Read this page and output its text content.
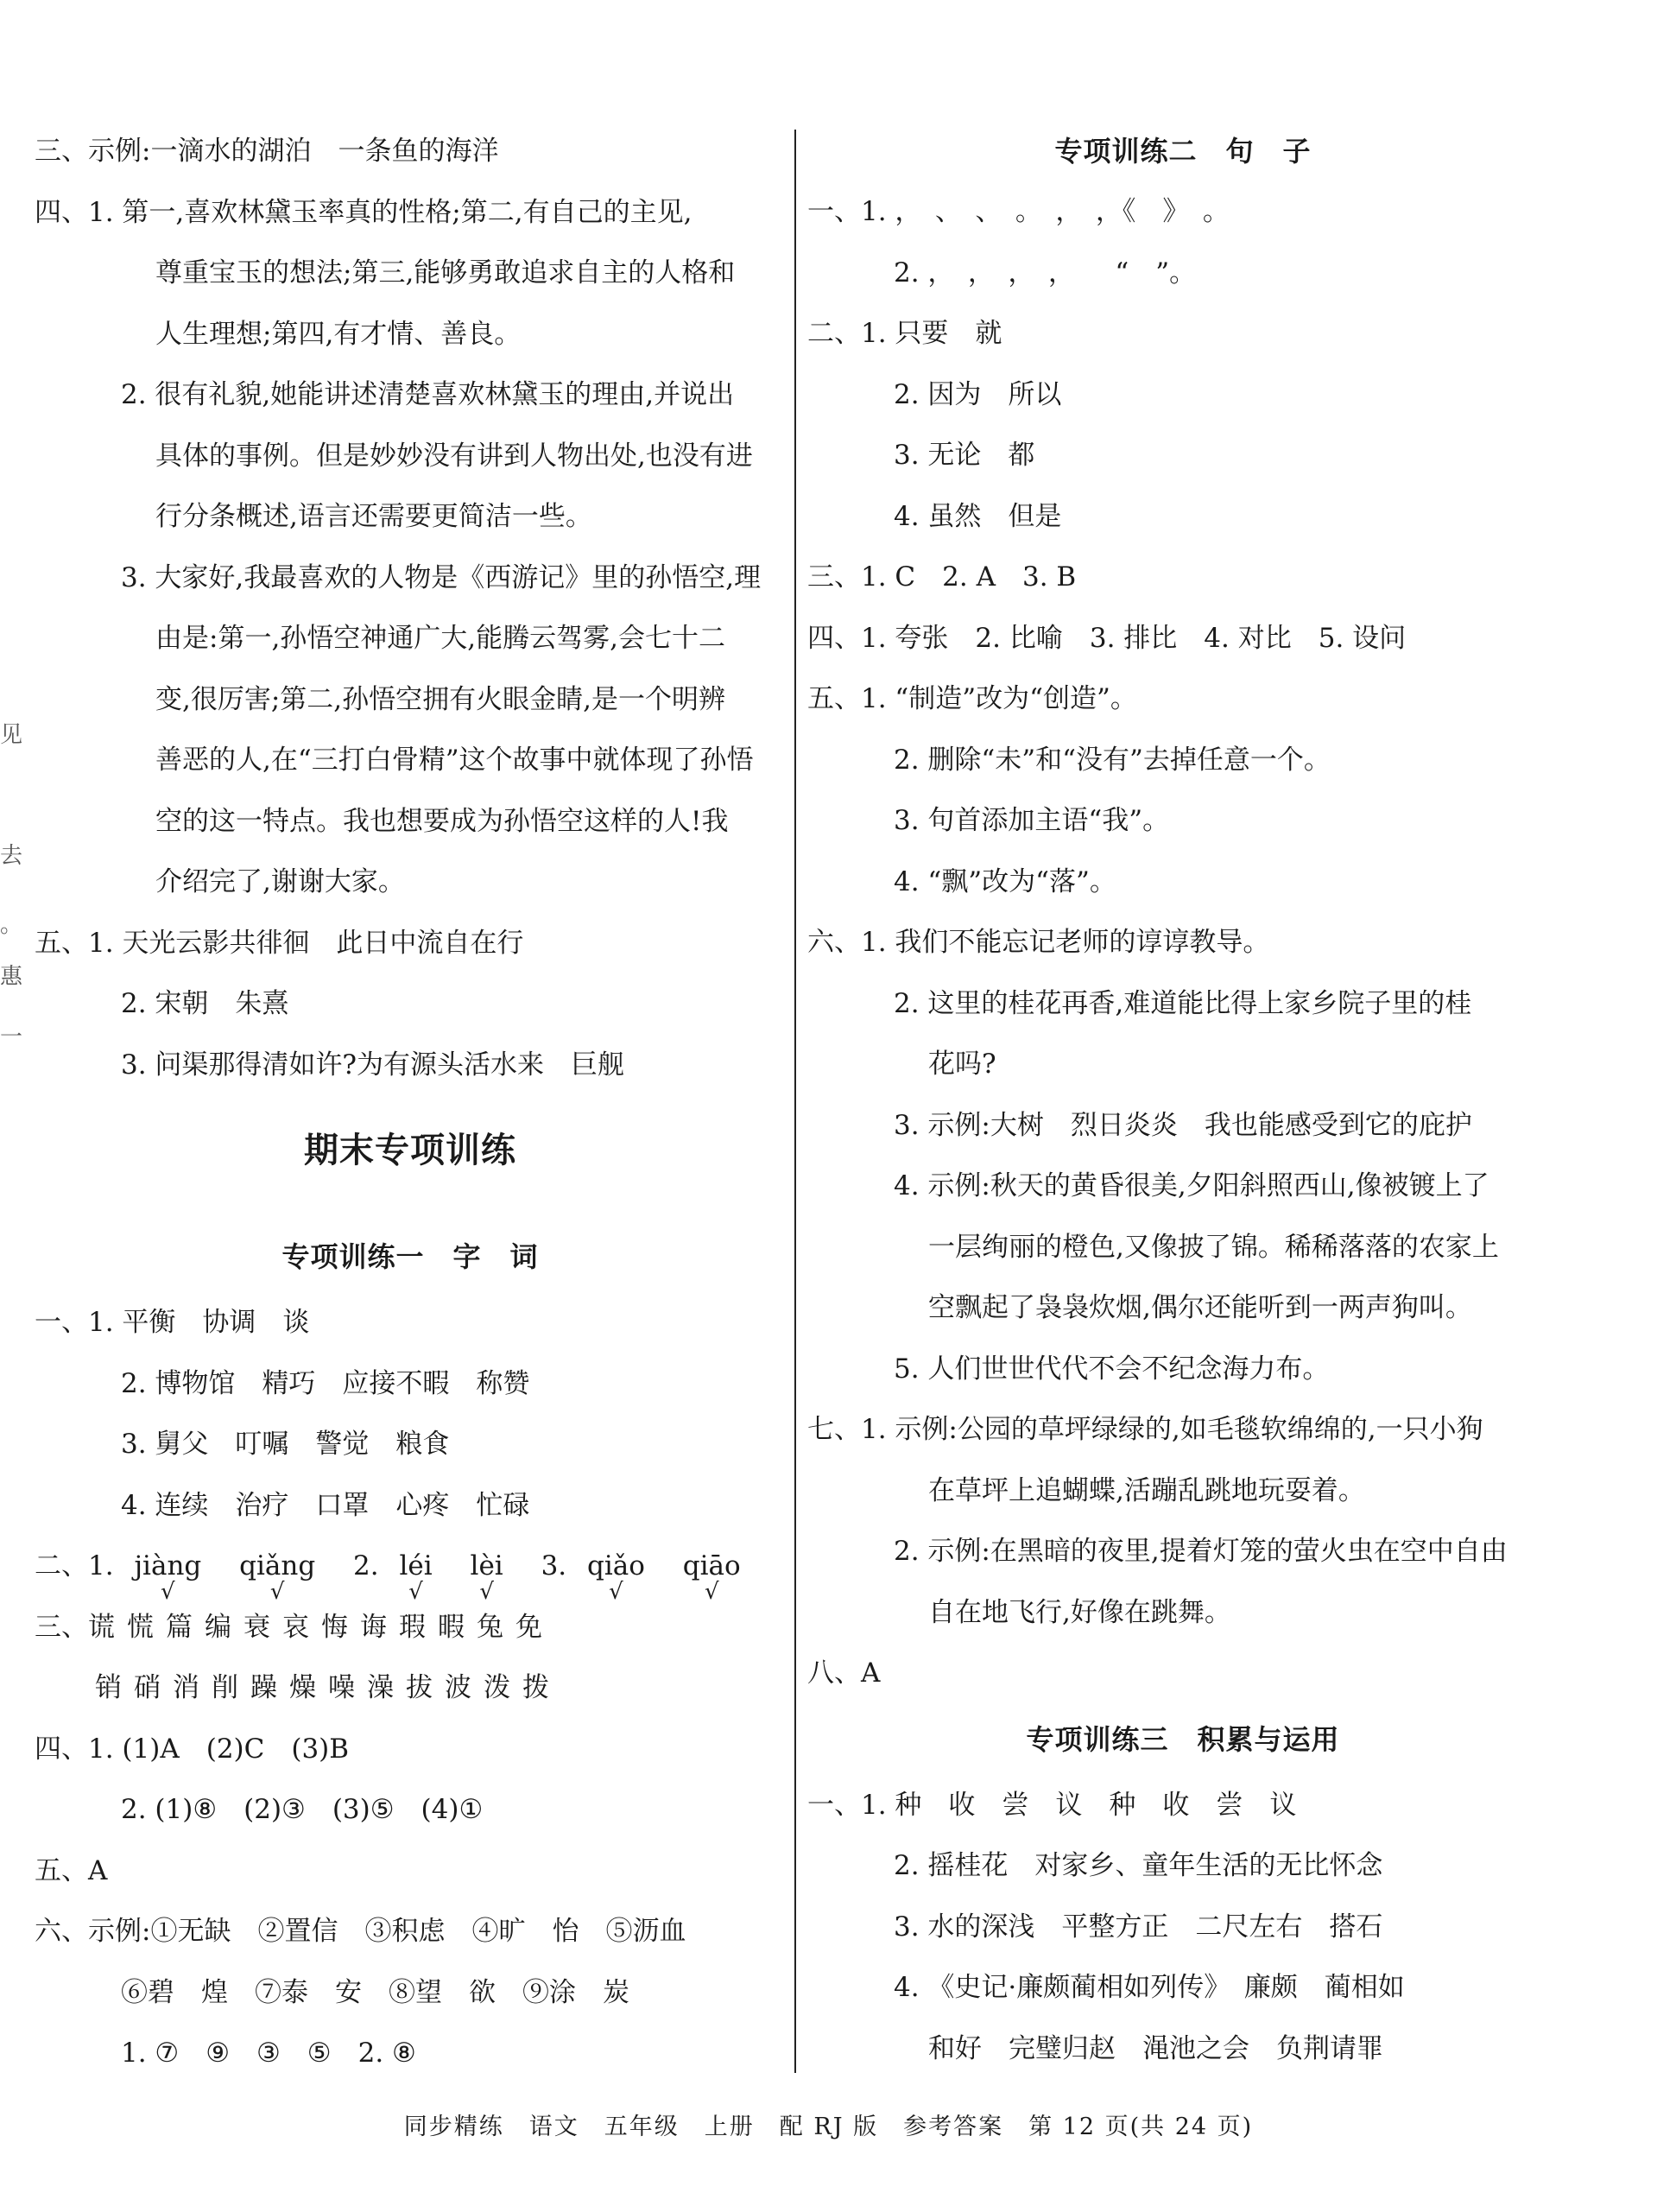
见
去
。
惠
一
三、示例:一滴水的湖泊　一条鱼的海洋
四、1. 第一,喜欢林黛玉率真的性格;第二,有自己的主见,
尊重宝玉的想法;第三,能够勇敢追求自主的人格和
人生理想;第四,有才情、善良。
2. 很有礼貌,她能讲述清楚喜欢林黛玉的理由,并说出
具体的事例。但是妙妙没有讲到人物出处,也没有进
行分条概述,语言还需要更简洁一些。
3. 大家好,我最喜欢的人物是《西游记》里的孙悟空,理
由是:第一,孙悟空神通广大,能腾云驾雾,会七十二
变,很厉害;第二,孙悟空拥有火眼金睛,是一个明辨
善恶的人,在“三打白骨精”这个故事中就体现了孙悟
空的这一特点。我也想要成为孙悟空这样的人!我
介绍完了,谢谢大家。
五、1. 天光云影共徘徊　此日中流自在行
2. 宋朝　朱熹
3. 问渠那得清如许?为有源头活水来　巨舰
期末专项训练
专项训练一　字　词
一、1. 平衡　协调　谈
2. 博物馆　精巧　应接不暇　称赞
3. 舅父　叮嘱　警觉　粮食
4. 连续　治疗　口罩　心疼　忙碌
二、1. jiàng
√
qiǎng
√
2. léi
√
lèi
√
3. qiǎo
√
qiāo
√
三、谎 慌 篇 编 衰 哀 悔 诲 瑕 暇 兔 免
销 硝 消 削 躁 燥 噪 澡 拔 波 泼 拨
四、1. (1)A　(2)C　(3)B
2. (1)⑧　(2)③　(3)⑤　(4)①
五、A
六、示例:①无缺　②置信　③积虑　④旷　怡　⑤沥血
⑥碧　煌　⑦泰　安　⑧望　欲　⑨涂　炭
1. ⑦　⑨　③　⑤　2. ⑧
专项训练二　句　子
一、1. ，　、　、　。　，　，《　》　。
2. ，　，　，　，　　“　”。
二、1. 只要　就
2. 因为　所以
3. 无论　都
4. 虽然　但是
三、1. C　2. A　3. B
四、1. 夸张　2. 比喻　3. 排比　4. 对比　5. 设问
五、1. “制造”改为“创造”。
2. 删除“未”和“没有”去掉任意一个。
3. 句首添加主语“我”。
4. “飘”改为“落”。
六、1. 我们不能忘记老师的谆谆教导。
2. 这里的桂花再香,难道能比得上家乡院子里的桂
花吗?
3. 示例:大树　烈日炎炎　我也能感受到它的庇护
4. 示例:秋天的黄昏很美,夕阳斜照西山,像被镀上了
一层绚丽的橙色,又像披了锦。稀稀落落的农家上
空飘起了袅袅炊烟,偶尔还能听到一两声狗叫。
5. 人们世世代代不会不纪念海力布。
七、1. 示例:公园的草坪绿绿的,如毛毯软绵绵的,一只小狗
在草坪上追蝴蝶,活蹦乱跳地玩耍着。
2. 示例:在黑暗的夜里,提着灯笼的萤火虫在空中自由
自在地飞行,好像在跳舞。
八、A
专项训练三　积累与运用
一、1. 种　收　尝　议　种　收　尝　议
2. 摇桂花　对家乡、童年生活的无比怀念
3. 水的深浅　平整方正　二尺左右　搭石
4. 《史记·廉颇蔺相如列传》　廉颇　蔺相如
和好　完璧归赵　渑池之会　负荆请罪
同步精练　语文　五年级　上册　配 RJ 版　参考答案　第 12 页(共 24 页)
